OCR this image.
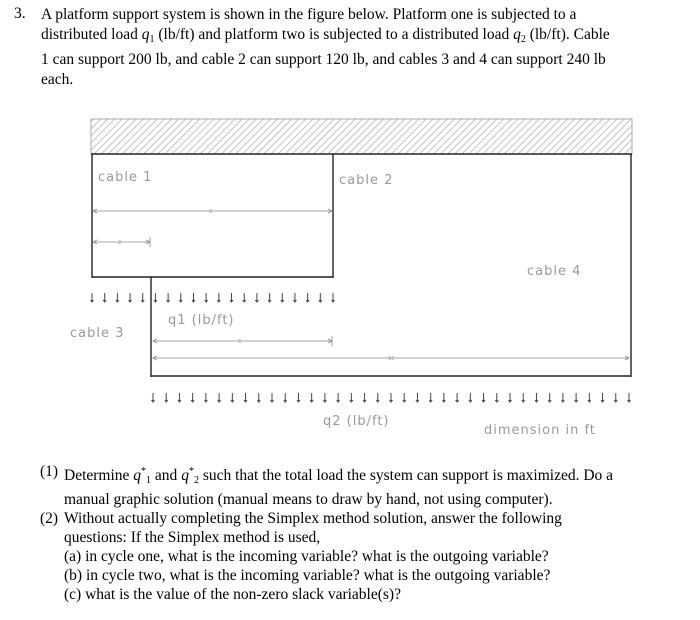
3. A platform support system is shown in the figure below. Platform one is subjected to a
distributed load $q_1$ (lb/ft) and platform two is subjected to a distributed load $q_2$ (lb/ft). Cable
1 can support 200 lb, and cable 2 can support 120 lb, and cables 3 and 4 can support 240 lb
each.
8
2
6
16
cable 1	cable 2
cable 3
cable 4
q1 (lb/ft)
q2 (lb/ft)
dimension in ft
(1) Determine $q^*_1$ and $q^*_2$ such that the total load the system can support is maximized. Do a
manual graphic solution (manual means to draw by hand, not using computer).
(2) Without actually completing the Simplex method solution, answer the following
questions: If the Simplex method is used,
(a) in cycle one, what is the incoming variable? what is the outgoing variable?
(b) in cycle two, what is the incoming variable? what is the outgoing variable?
(c) what is the value of the non-zero slack variable(s)?
